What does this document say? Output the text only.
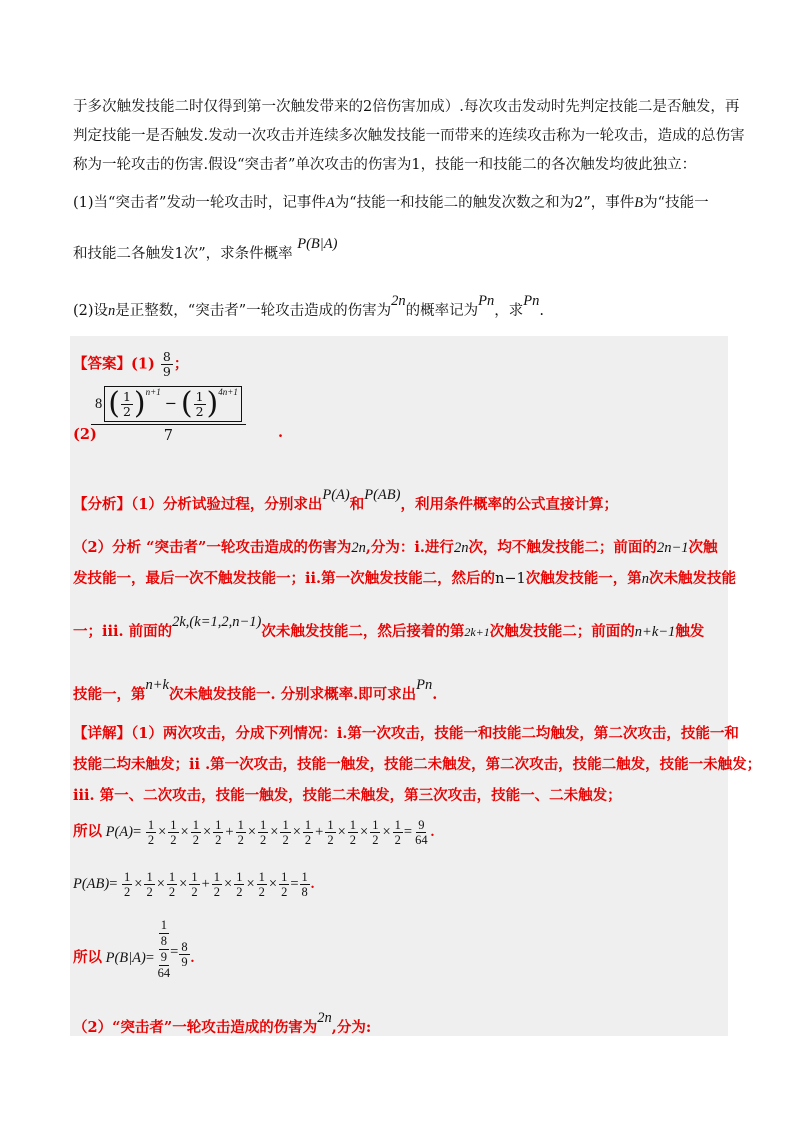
于多次触发技能二时仅得到第一次触发带来的2倍伤害加成）.每次攻击发动时先判定技能二是否触发，再
判定技能一是否触发.发动一次攻击并连续多次触发技能一而带来的连续攻击称为一轮攻击，造成的总伤害
称为一轮攻击的伤害.假设“突击者”单次攻击的伤害为1，技能一和技能二的各次触发均彼此独立：
(1)当“突击者”发动一轮攻击时，记事件A为“技能一和技能二的触发次数之和为2”，事件B为“技能一
和技能二各触发1次”，求条件概率 P(B|A)
(2)设n是正整数，“突击者”一轮攻击造成的伤害为2n的概率记为Pn，求Pn.
【答案】$(1) \frac{8}{9}$ ；
(2)
8 ( $\frac{1}{2} )^{n+1}$
− ( $\frac{1}{2} )^{4n+1}$
7	.
【分析】（1）分析试验过程，分别求出P(A)和P(AB)，利用条件概率的公式直接计算；
（2）分析 “突击者”一轮攻击造成的伤害为2n,分为：i.进行2n次，均不触发技能二；前面的2n−1次触
发技能一，最后一次不触发技能一；ii.第一次触发技能二，然后的n−1次触发技能一，第n次未触发技能
一；iii. 前面的2k,(k=1,2,n−1)次未触发技能二，然后接着的第2k+1次触发技能二；前面的n+k−1触发
技能一，第n+k次未触发技能一. 分别求概率.即可求出Pn.
【详解】（1）两次攻击，分成下列情况：i.第一次攻击，技能一和技能二均触发，第二次攻击，技能一和
技能二均未触发；ii .第一次攻击，技能一触发，技能二未触发，第二次攻击，技能二触发，技能一未触发；
iii. 第一、二次攻击，技能一触发，技能二未触发，第三次攻击，技能一、二未触发；
所以 $P(A)= \frac{1}{2} \times \frac{1}{2} \times \frac{1}{2} \times \frac{1}{2} + \frac{1}{2} \times \frac{1}{2} \times \frac{1}{2} \times \frac{1}{2} + \frac{1}{2} \times \frac{1}{2} \times \frac{1}{2} \times \frac{1}{2} = \frac{9}{64}$ .
$P(AB)= \frac{1}{2} \times \frac{1}{2} \times \frac{1}{2} \times \frac{1}{2} + \frac{1}{2} \times \frac{1}{2} \times \frac{1}{2} \times \frac{1}{2} = \frac{1}{8}$ .
所以 P(B|A)=
1
8
9
64
= $\frac{8}{9}$ .
（2）“突击者”一轮攻击造成的伤害为2n,分为:
